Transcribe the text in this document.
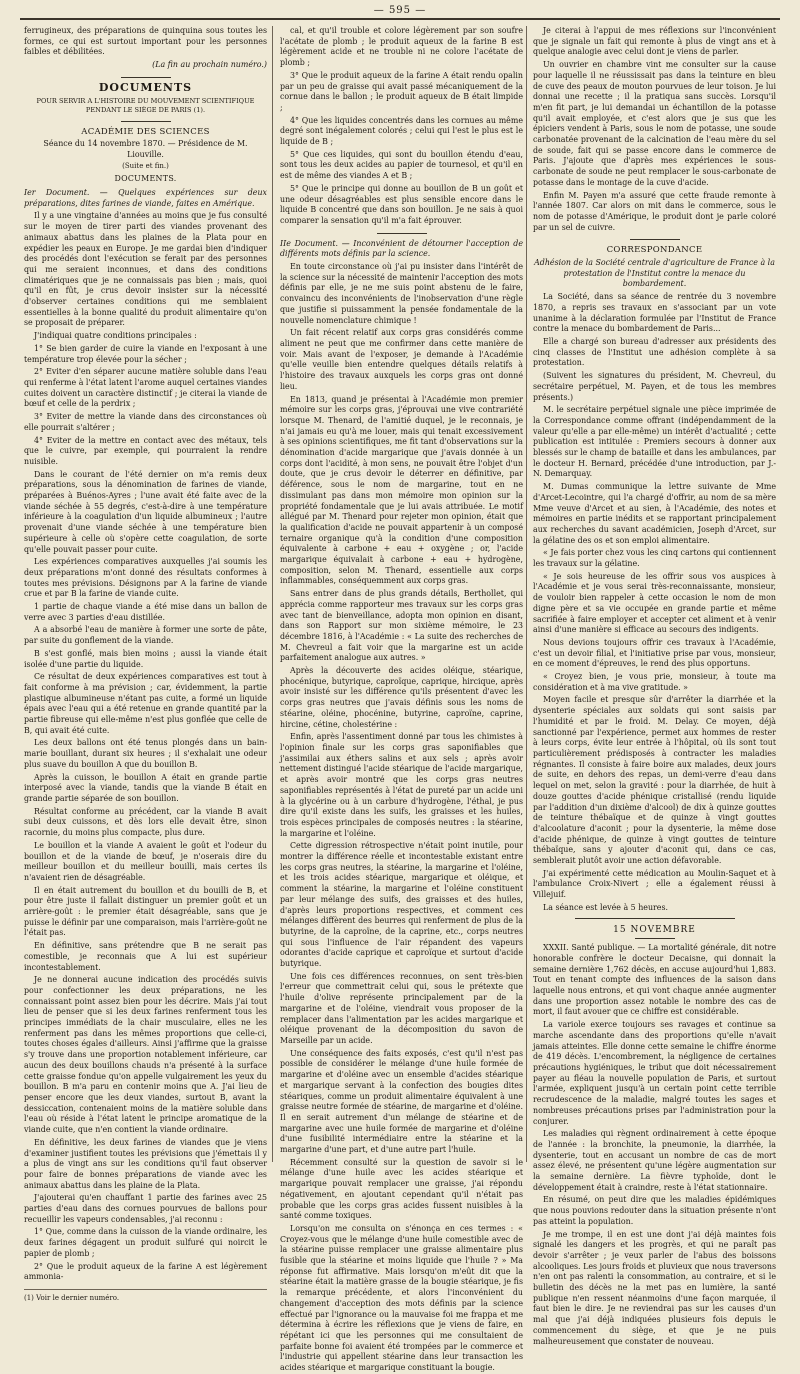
— 595 —

ferrugineux, des préparations de quinquina sous toutes les formes, ce qui est surtout important pour les personnes faibles et débilitées.

(La fin au prochain numéro.)
DOCUMENTS
POUR SERVIR A L'HISTOIRE DU MOUVEMENT SCIENTIFIQUE PENDANT LE SIÈGE DE PARIS (1).
ACADÉMIE DES SCIENCES
Séance du 14 novembre 1870. — Présidence de M. Liouville.
(Suite et fin.)
DOCUMENTS.

Ier Document. — Quelques expériences sur deux préparations, dites farines de viande, faites en Amérique.

Il y a une vingtaine d'années au moins que je fus consulté sur le moyen de tirer parti des viandes provenant des animaux abattus dans les plaines de la Plata pour en expédier les peaux en Europe. Je me gardai bien d'indiquer des procédés dont l'exécution se ferait par des personnes qui me seraient inconnues, et dans des conditions climatériques que je ne connaissais pas bien ; mais, quoi qu'il en fût, je crus devoir insister sur la nécessité d'observer certaines conditions qui me semblaient essentielles à la bonne qualité du produit alimentaire qu'on se proposait de préparer.

J'indiquai quatre conditions principales :

1° Se bien garder de cuire la viande en l'exposant à une température trop élevée pour la sécher ;

2° Eviter d'en séparer aucune matière soluble dans l'eau qui renferme à l'état latent l'arome auquel certaines viandes cuites doivent un caractère distinctif ; je citerai la viande de bœuf et celle de la perdrix ;

3° Eviter de mettre la viande dans des circonstances où elle pourrait s'altérer ;

4° Eviter de la mettre en contact avec des métaux, tels que le cuivre, par exemple, qui pourraient la rendre nuisible.

Dans le courant de l'été dernier on m'a remis deux préparations, sous la dénomination de farines de viande, préparées à Buénos-Ayres ; l'une avait été faite avec de la viande séchée à 55 degrés, c'est-à-dire à une température inférieure à la coagulation d'un liquide albumineux ; l'autre provenait d'une viande séchée à une température bien supérieure à celle où s'opère cette coagulation, de sorte qu'elle pouvait passer pour cuite.

Les expériences comparatives auxquelles j'ai soumis les deux préparations m'ont donné des résultats conformes à toutes mes prévisions. Désignons par A la farine de viande crue et par B la farine de viande cuite.

1 partie de chaque viande a été mise dans un ballon de verre avec 3 parties d'eau distillée.

A a absorbé l'eau de manière à former une sorte de pâte, par suite du gonflement de la viande.

B s'est gonflé, mais bien moins ; aussi la viande était isolée d'une partie du liquide.

Ce résultat de deux expériences comparatives est tout à fait conforme à ma prévision ; car, évidemment, la partie plastique albumineuse n'étant pas cuite, a formé un liquide épais avec l'eau qui a été retenue en grande quantité par la partie fibreuse qui elle-même n'est plus gonflée que celle de B, qui avait été cuite.

Les deux ballons ont été tenus plongés dans un bain-marie bouillant, durant six heures ; il s'exhalait une odeur plus suave du bouillon A que du bouillon B.

Après la cuisson, le bouillon A était en grande partie interposé avec la viande, tandis que la viande B était en grande partie séparée de son bouillon.

Résultat conforme au précédent, car la viande B avait subi deux cuissons, et dès lors elle devait être, sinon racornie, du moins plus compacte, plus dure.

Le bouillon et la viande A avaient le goût et l'odeur du bouillon et de la viande de bœuf, je n'oserais dire du meilleur bouillon et du meilleur bouilli, mais certes ils n'avaient rien de désagréable.

Il en était autrement du bouillon et du bouilli de B, et pour être juste il fallait distinguer un premier goût et un arrière-goût : le premier était désagréable, sans que je puisse le définir par une comparaison, mais l'arrière-goût ne l'était pas.

En définitive, sans prétendre que B ne serait pas comestible, je reconnais que A lui est supérieur incontestablement.

Je ne donnerai aucune indication des procédés suivis pour confectionner les deux préparations, ne les connaissant point assez bien pour les décrire. Mais j'ai tout lieu de penser que si les deux farines renferment tous les principes immédiats de la chair musculaire, elles ne les renferment pas dans les mêmes proportions que celle-ci, toutes choses égales d'ailleurs. Ainsi j'affirme que la graisse s'y trouve dans une proportion notablement inférieure, car aucun des deux bouillons chauds n'a présenté à la surface cette graisse fondue qu'on appelle vulgairement les yeux du bouillon. B m'a paru en contenir moins que A. J'ai lieu de penser encore que les deux viandes, surtout B, avant la dessiccation, contenaient moins de la matière soluble dans l'eau où réside à l'état latent le principe aromatique de la viande cuite, que n'en contient la viande ordinaire.

En définitive, les deux farines de viandes que je viens d'examiner justifient toutes les prévisions que j'émettais il y a plus de vingt ans sur les conditions qu'il faut observer pour faire de bonnes préparations de viande avec les animaux abattus dans les plaine de la Plata.

J'ajouterai qu'en chauffant 1 partie des farines avec 25 parties d'eau dans des cornues pourvues de ballons pour recueillir les vapeurs condensables, j'ai reconnu :

1° Que, comme dans la cuisson de la viande ordinaire, les deux farines dégagent un produit sulfuré qui noircit le papier de plomb ;

2° Que le produit aqueux de la farine A est légèrement ammonia-

(1) Voir le dernier numéro.

cal, et qu'il trouble et colore légèrement par son soufre l'acétate de plomb ; le produit aqueux de la farine B est légèrement acide et ne trouble ni ne colore l'acétate de plomb ;

3° Que le produit aqueux de la farine A était rendu opalin par un peu de graisse qui avait passé mécaniquement de la cornue dans le ballon ; le produit aqueux de B était limpide ;

4° Que les liquides concentrés dans les cornues au même degré sont inégalement colorés ; celui qui l'est le plus est le liquide de B ;

5° Que ces liquides, qui sont du bouillon étendu d'eau, sont tous les deux acides au papier de tournesol, et qu'il en est de même des viandes A et B ;

5° Que le principe qui donne au bouillon de B un goût et une odeur désagréables est plus sensible encore dans le liquide B concentré que dans son bouillon. Je ne sais à quoi comparer la sensation qu'il m'a fait éprouver.

IIe Document. — Inconvénient de détourner l'acception de différents mots définis par la science.

En toute circonstance où j'ai pu insister dans l'intérêt de la science sur la nécessité de maintenir l'acception des mots définis par elle, je ne me suis point abstenu de le faire, convaincu des inconvénients de l'inobservation d'une règle que justifie si puissamment la pensée fondamentale de la nouvelle nomenclature chimique !

Un fait récent relatif aux corps gras considérés comme aliment ne peut que me confirmer dans cette manière de voir. Mais avant de l'exposer, je demande à l'Académie qu'elle veuille bien entendre quelques détails relatifs à l'histoire des travaux auxquels les corps gras ont donné lieu.

En 1813, quand je présentai à l'Académie mon premier mémoire sur les corps gras, j'éprouvai une vive contrariété lorsque M. Thenard, de l'amitié duquel, je le reconnais, je n'ai jamais eu qu'à me louer, mais qui tenait excessivement à ses opinions scientifiques, me fit tant d'observations sur la dénomination d'acide margarique que j'avais donnée à un corps dont l'acidité, à mon sens, ne pouvait être l'objet d'un doute, que je crus devoir le déterrer en définitive, par déférence, sous le nom de margarine, tout en ne dissimulant pas dans mon mémoire mon opinion sur la propriété fondamentale que je lui avais attribuée. Le motif allégué par M. Thenard pour rejeter mon opinion, était que la qualification d'acide ne pouvait appartenir à un composé ternaire organique qu'à la condition d'une composition équivalente à carbone + eau + oxygène ; or, l'acide margarique équivalait à carbone + eau + hydrogène, composition, selon M. Thenard, essentielle aux corps inflammables, conséquemment aux corps gras.

Sans entrer dans de plus grands détails, Berthollet, qui apprécia comme rapporteur mes travaux sur les corps gras avec tant de bienveillance, adopta mon opinion en disant, dans son Rapport sur mon sixième mémoire, le 23 décembre 1816, à l'Académie : « La suite des recherches de M. Chevreul a fait voir que la margarine est un acide parfaitement analogue aux autres. »

Après la découverte des acides oléique, stéarique, phocénique, butyrique, caproïque, caprique, hircique, après avoir insisté sur les différence qu'ils présentent d'avec les corps gras neutres que j'avais définis sous les noms de stéarine, oléine, phocénine, butyrine, caproïne, caprine, hircine, cétine, cholestérine :

Enfin, après l'assentiment donné par tous les chimistes à l'opinion finale sur les corps gras saponifiables que j'assimilai aux éthers salins et aux sels ; après avoir nettement distingué l'acide stéarique de l'acide margarique, et après avoir montré que les corps gras neutres saponifiables représentés à l'état de pureté par un acide uni à la glycérine ou à un carbure d'hydrogène, l'éthal, je pus dire qu'il existe dans les suifs, les graisses et les huiles, trois espèces principales de composés neutres : la stéarine, la margarine et l'oléine.

Cette digression rétrospective n'était point inutile, pour montrer la différence réelle et incontestable existant entre les corps gras neutres, la stéarine, la margarine et l'oléine, et les trois acides stéarique, margarique et oléique, et comment la stéarine, la margarine et l'oléine constituent par leur mélange des suifs, des graisses et des huiles, d'après leurs proportions respectives, et comment ces mélanges diffèrent des beurres qui renferment de plus de la butyrine, de la caproïne, de la caprine, etc., corps neutres qui sous l'influence de l'air répandent des vapeurs odorantes d'acide caprique et caproïque et surtout d'acide butyrique.

Une fois ces différences reconnues, on sent très-bien l'erreur que commettrait celui qui, sous le prétexte que l'huile d'olive représente principalement par de la margarine et de l'oléine, viendrait vous proposer de la remplacer dans l'alimentation par les acides margarique et oléique provenant de la décomposition du savon de Marseille par un acide.

Une conséquence des faits exposés, c'est qu'il n'est pas possible de considérer le mélange d'une huile formée de margarine et d'oléine avec un ensemble d'acides stéarique et margarique servant à la confection des bougies dites stéariques, comme un produit alimentaire équivalent à une graisse neutre formée de stéarine, de margarine et d'oléine. Il en serait autrement d'un mélange de stéarine et de margarine avec une huile formée de margarine et d'oléine d'une fusibilité intermédiaire entre la stéarine et la margarine d'une part, et d'une autre part l'huile.

Récemment consulté sur la question de savoir si le mélange d'une huile avec les acides stéarique et margarique pouvait remplacer une graisse, j'ai répondu négativement, en ajoutant cependant qu'il n'était pas probable que les corps gras acides fussent nuisibles à la santé comme toxiques.

Lorsqu'on me consulta on s'énonça en ces termes : « Croyez-vous que le mélange d'une huile comestible avec de la stéarine puisse remplacer une graisse alimentaire plus fusible que la stéarine et moins liquide que l'huile ? » Ma réponse fut affirmative. Mais lorsqu'on m'eût dit que la stéarine était la matière grasse de la bougie stéarique, je fis la remarque précédente, et alors l'inconvénient du changement d'acception des mots définis par la science effectué par l'ignorance ou la mauvaise foi me frappa et me détermina à écrire les réflexions que je viens de faire, en répétant ici que les personnes qui me consultaient de parfaite bonne foi avaient été trompées par le commerce et l'industrie qui appellent stéarine dans leur transaction les acides stéarique et margarique constituant la bougie.

Je citerai à l'appui de mes réflexions sur l'inconvénient que je signale un fait qui remonte à plus de vingt ans et à quelque analogie avec celui dont je viens de parler.

Un ouvrier en chambre vint me consulter sur la cause pour laquelle il ne réussissait pas dans la teinture en bleu de cuve des peaux de mouton pourvues de leur toison. Je lui donnai une recette ; il la pratiqua sans succès. Lorsqu'il m'en fit part, je lui demandai un échantillon de la potasse qu'il avait employée, et c'est alors que je sus que les épiciers vendent à Paris, sous le nom de potasse, une soude carbonatée provenant de la calcination de l'eau mère du sel de soude, fait qui se passe encore dans le commerce de Paris. J'ajoute que d'après mes expériences le sous-carbonate de soude ne peut remplacer le sous-carbonate de potasse dans le montage de la cuve d'acide.

Enfin M. Payen m'a assuré que cette fraude remonte à l'année 1807. Car alors on mit dans le commerce, sous le nom de potasse d'Amérique, le produit dont je parle coloré par un sel de cuivre.

CORRESPONDANCE

Adhésion de la Société centrale d'agriculture de France à la protestation de l'Institut contre la menace du bombardement.

La Société, dans sa séance de rentrée du 3 novembre 1870, a repris ses travaux en s'associant par un vote unanime à la déclaration formulée par l'Institut de France contre la menace du bombardement de Paris...

Elle a chargé son bureau d'adresser aux présidents des cinq classes de l'Institut une adhésion complète à sa protestation.

(Suivent les signatures du président, M. Chevreul, du secrétaire perpétuel, M. Payen, et de tous les membres présents.)

M. le secrétaire perpétuel signale une pièce imprimée de la Correspondance comme offrant (indépendamment de la valeur qu'elle a par elle-même) un intérêt d'actualité ; cette publication est intitulée : Premiers secours à donner aux blessés sur le champ de bataille et dans les ambulances, par le docteur H. Bernard, précédée d'une introduction, par J.-N. Demarquay.

M. Dumas communique la lettre suivante de Mme d'Arcet-Lecointre, qui l'a chargé d'offrir, au nom de sa mère Mme veuve d'Arcet et au sien, à l'Académie, des notes et mémoires en partie inédits et se rapportant principalement aux recherches du savant académicien, Joseph d'Arcet, sur la gélatine des os et son emploi alimentaire.

« Je fais porter chez vous les cinq cartons qui contiennent les travaux sur la gélatine.

« Je sois heureuse de les offrir sous vos auspices à l'Académie et je vous serai très-reconnaissante, monsieur, de vouloir bien rappeler à cette occasion le nom de mon digne père et sa vie occupée en grande partie et même sacrifiée à faire employer et accepter cet aliment et à venir ainsi d'une manière si efficace au secours des indigents.

Nous devions toujours offrir ces travaux à l'Académie, c'est un devoir filial, et l'initiative prise par vous, monsieur, en ce moment d'épreuves, le rend des plus opportuns.

« Croyez bien, je vous prie, monsieur, à toute ma considération et à ma vive gratitude. »

Moyen facile et presque sûr d'arrêter la diarrhée et la dysenterie spéciales aux soldats qui sont saisis par l'humidité et par le froid. M. Delay. Ce moyen, déjà sanctionné par l'expérience, permet aux hommes de rester à leurs corps, évite leur entrée à l'hôpital, où ils sont tout particulièrement prédisposés à contracter les maladies régnantes. Il consiste à faire boire aux malades, deux jours de suite, en dehors des repas, un demi-verre d'eau dans lequel on met, selon la gravité : pour la diarrhée, de huit à douze gouttes d'acide phénique cristallisé (rendu liquide par l'addition d'un dixième d'alcool) de dix à quinze gouttes de teinture thébaïque et de quinze à vingt gouttes d'alcoolature d'aconit ; pour la dysenterie, la même dose d'acide phénique, de quinze à vingt gouttes de teinture thébaïque, sans y ajouter d'aconit qui, dans ce cas, semblerait plutôt avoir une action défavorable.

J'ai expérimenté cette médication au Moulin-Saquet et à l'ambulance Croix-Nivert ; elle a également réussi à Villejuif.

La séance est levée à 5 heures.

15 NOVEMBRE

XXXII. Santé publique. — La mortalité générale, dit notre honorable confrère le docteur Decaisne, qui donnait la semaine dernière 1,762 décès, en accuse aujourd'hui 1,883. Tout en tenant compte des influences de la saison dans laquelle nous entrons, et qui vont chaque année augmenter dans une proportion assez notable le nombre des cas de mort, il faut avouer que ce chiffre est considérable.

La variole exerce toujours ses ravages et continue sa marche ascendante dans des proportions qu'elle n'avait jamais atteintes. Elle donne cette semaine le chiffre énorme de 419 décès. L'encombrement, la négligence de certaines précautions hygiéniques, le tribut que doit nécessairement payer au fléau la nouvelle population de Paris, et surtout l'armée, expliquent jusqu'à un certain point cette terrible recrudescence de la maladie, malgré toutes les sages et nombreuses précautions prises par l'administration pour la conjurer.

Les maladies qui règnent ordinairement à cette époque de l'année : la bronchite, la pneumonie, la diarrhée, la dysenterie, tout en accusant un nombre de cas de mort assez élevé, ne présentent qu'une légère augmentation sur la semaine dernière. La fièvre typhoïde, dont le développement était à craindre, reste à l'état stationnaire.

En résumé, on peut dire que les maladies épidémiques que nous pouvions redouter dans la situation présente n'ont pas atteint la population.

Je me trompe, il en est une dont j'ai déjà maintes fois signalé les dangers et les progrès, et qui ne paraît pas devoir s'arrêter ; je veux parler de l'abus des boissons alcooliques. Les jours froids et pluvieux que nous traversons n'en ont pas ralenti la consommation, au contraire, et si le bulletin des décès ne la met pas en lumière, la santé publique n'en ressent néanmoins d'une façon marquée, il faut bien le dire. Je ne reviendrai pas sur les causes d'un mal que j'ai déjà indiquées plusieurs fois depuis le commencement du siège, et que je ne puis malheureusement que constater de nouveau.
